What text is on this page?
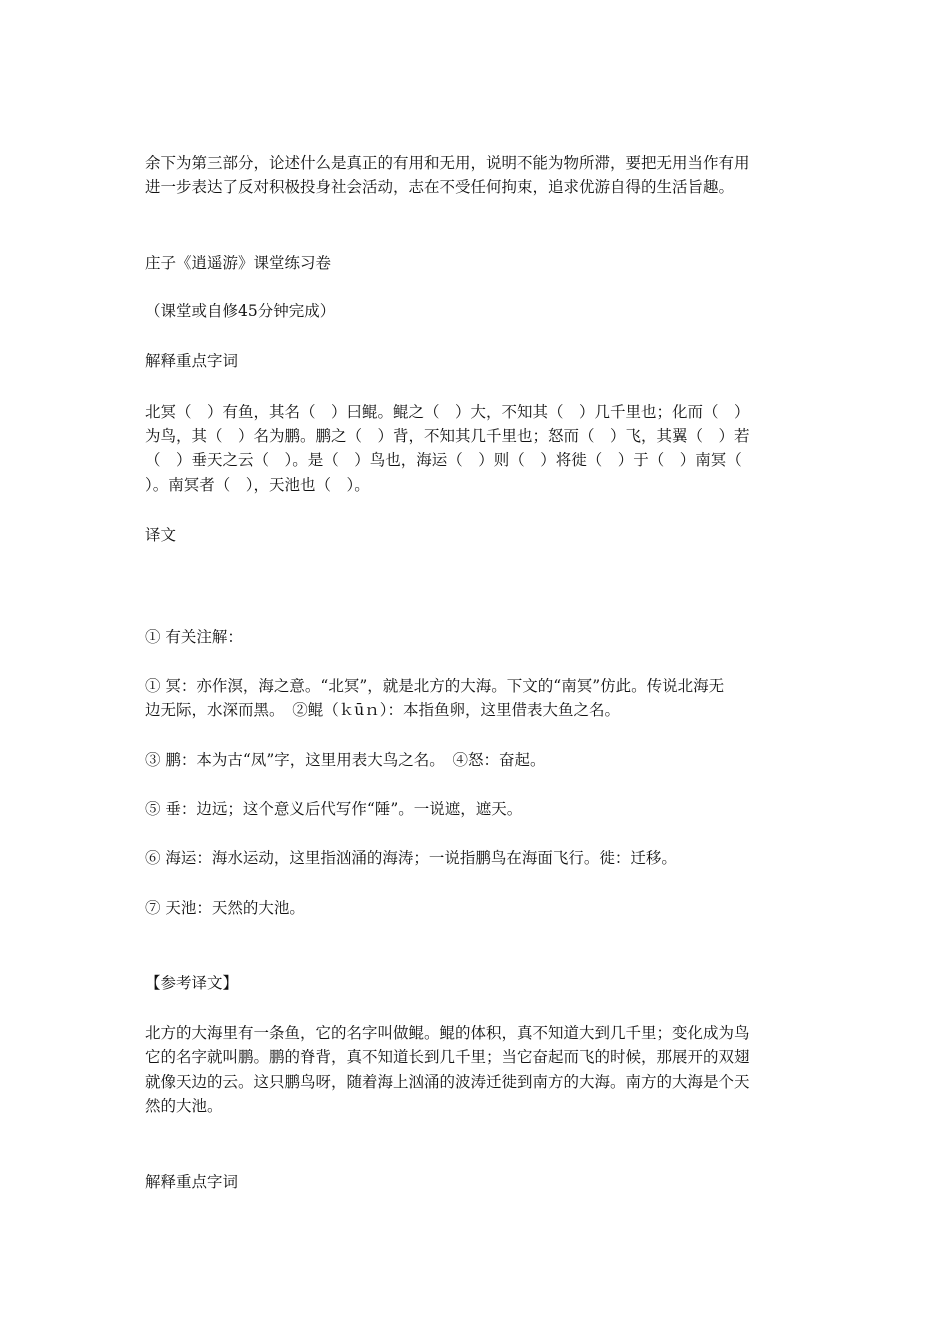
余下为第三部分，论述什么是真正的有用和无用，说明不能为物所滞，要把无用当作有用
进一步表达了反对积极投身社会活动，志在不受任何拘束，追求优游自得的生活旨趣。
庄子《逍遥游》课堂练习卷
（课堂或自修45分钟完成）
解释重点字词
北冥（　）有鱼，其名（　）曰鲲。鲲之（　）大，不知其（　）几千里也；化而（　）
为鸟，其（　）名为鹏。鹏之（　）背，不知其几千里也；怒而（　）飞，其翼（　）若
（　）垂天之云（　）。是（　）鸟也，海运（　）则（　）将徙（　）于（　）南冥（
）。南冥者（　），天池也（　）。
译文
① 有关注解：
① 冥：亦作溟，海之意。“北冥”，就是北方的大海。下文的“南冥”仿此。传说北海无
边无际，水深而黑。　②鲲（ｋūｎ）：本指鱼卵，这里借表大鱼之名。
③ 鹏：本为古“凤”字，这里用表大鸟之名。　④怒：奋起。
⑤ 垂：边远；这个意义后代写作“陲”。一说遮，遮天。
⑥ 海运：海水运动，这里指汹涌的海涛；一说指鹏鸟在海面飞行。徙：迁移。
⑦ 天池：天然的大池。
【参考译文】
北方的大海里有一条鱼，它的名字叫做鲲。鲲的体积，真不知道大到几千里；变化成为鸟
它的名字就叫鹏。鹏的脊背，真不知道长到几千里；当它奋起而飞的时候，那展开的双翅
就像天边的云。这只鹏鸟呀，随着海上汹涌的波涛迁徙到南方的大海。南方的大海是个天
然的大池。
解释重点字词
